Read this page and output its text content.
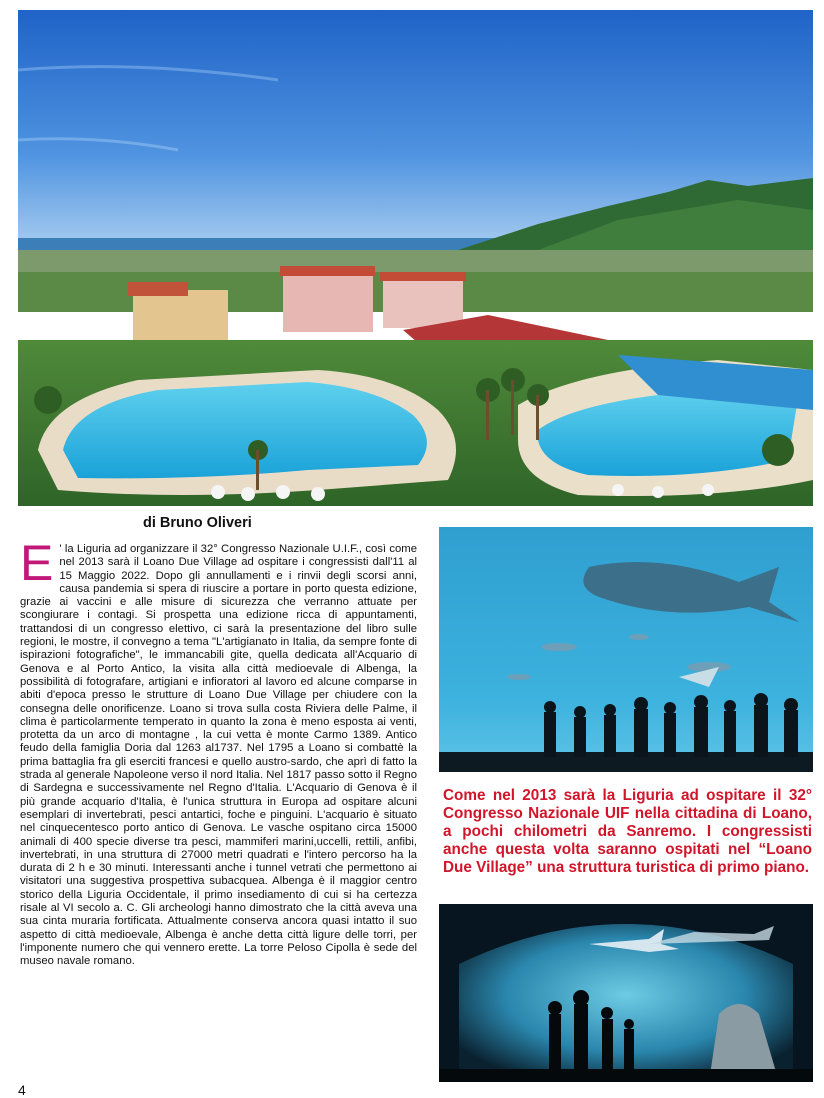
di Bruno Oliveri
E ' la Liguria ad organizzare il 32° Congresso Nazionale U.I.F., così come nel 2013 sarà il Loano Due Village ad ospitare i congressisti dall'11 al 15 Maggio 2022. Dopo gli annullamenti e i rinvii degli scorsi anni, causa pandemia si spera di riuscire a portare in porto questa edizione, grazie ai vaccini e alle misure di sicurezza che verranno attuate per scongiurare i contagi. Si prospetta una edizione ricca di appuntamenti, trattandosi di un congresso elettivo, ci sarà la presentazione del libro sulle regioni, le mostre, il convegno a tema "L'artigianato in Italia, da sempre fonte di ispirazioni fotografiche", le immancabili gite, quella dedicata all'Acquario di Genova e al Porto Antico, la visita alla città medioevale di Albenga, la possibilità di fotografare, artigiani e infioratori al lavoro ed alcune comparse in abiti d'epoca presso le strutture di Loano Due Village per chiudere con la consegna delle onorificenze. Loano si trova sulla costa Riviera delle Palme, il clima è particolarmente temperato in quanto la zona è meno esposta ai venti, protetta da un arco di montagne , la cui vetta è monte Carmo 1389. Antico feudo della famiglia Doria dal 1263 al1737. Nel 1795 a Loano si combattè la prima battaglia fra gli eserciti francesi e quello austro-sardo, che aprì di fatto la strada al generale Napoleone verso il nord Italia. Nel 1817 passo sotto il Regno di Sardegna e successivamente nel Regno d'Italia. L'Acquario di Genova è il più grande acquario d'Italia, è l'unica struttura in Europa ad ospitare alcuni esemplari di invertebrati, pesci antartici, foche e pinguini. L'acquario è situato nel cinquecentesco porto antico di Genova. Le vasche ospitano circa 15000 animali di 400 specie diverse tra pesci, mammiferi marini,uccelli, rettili, anfibi, invertebrati, in una struttura di 27000 metri quadrati e l'intero percorso ha la durata di 2 h e 30 minuti. Interessanti anche i tunnel vetrati che permettono ai visitatori una suggestiva prospettiva subacquea. Albenga è il maggior centro storico della Liguria Occidentale, il primo insediamento di cui si ha certezza risale al VI secolo a. C. Gli archeologi hanno dimostrato che la città aveva una sua cinta muraria fortificata. Attualmente conserva ancora quasi intatto il suo aspetto di città medioevale, Albenga è anche detta città ligure delle torri, per l'imponente numero che qui vennero erette. La torre Peloso Cipolla è sede del museo navale romano.
Come nel 2013 sarà la Liguria ad ospitare il 32° Congresso Nazionale UIF nella cittadina di Loano, a pochi chilometri da Sanremo. I congressisti anche questa volta saranno ospitati nel “Loano Due Village” una struttura turistica di primo piano.
4
